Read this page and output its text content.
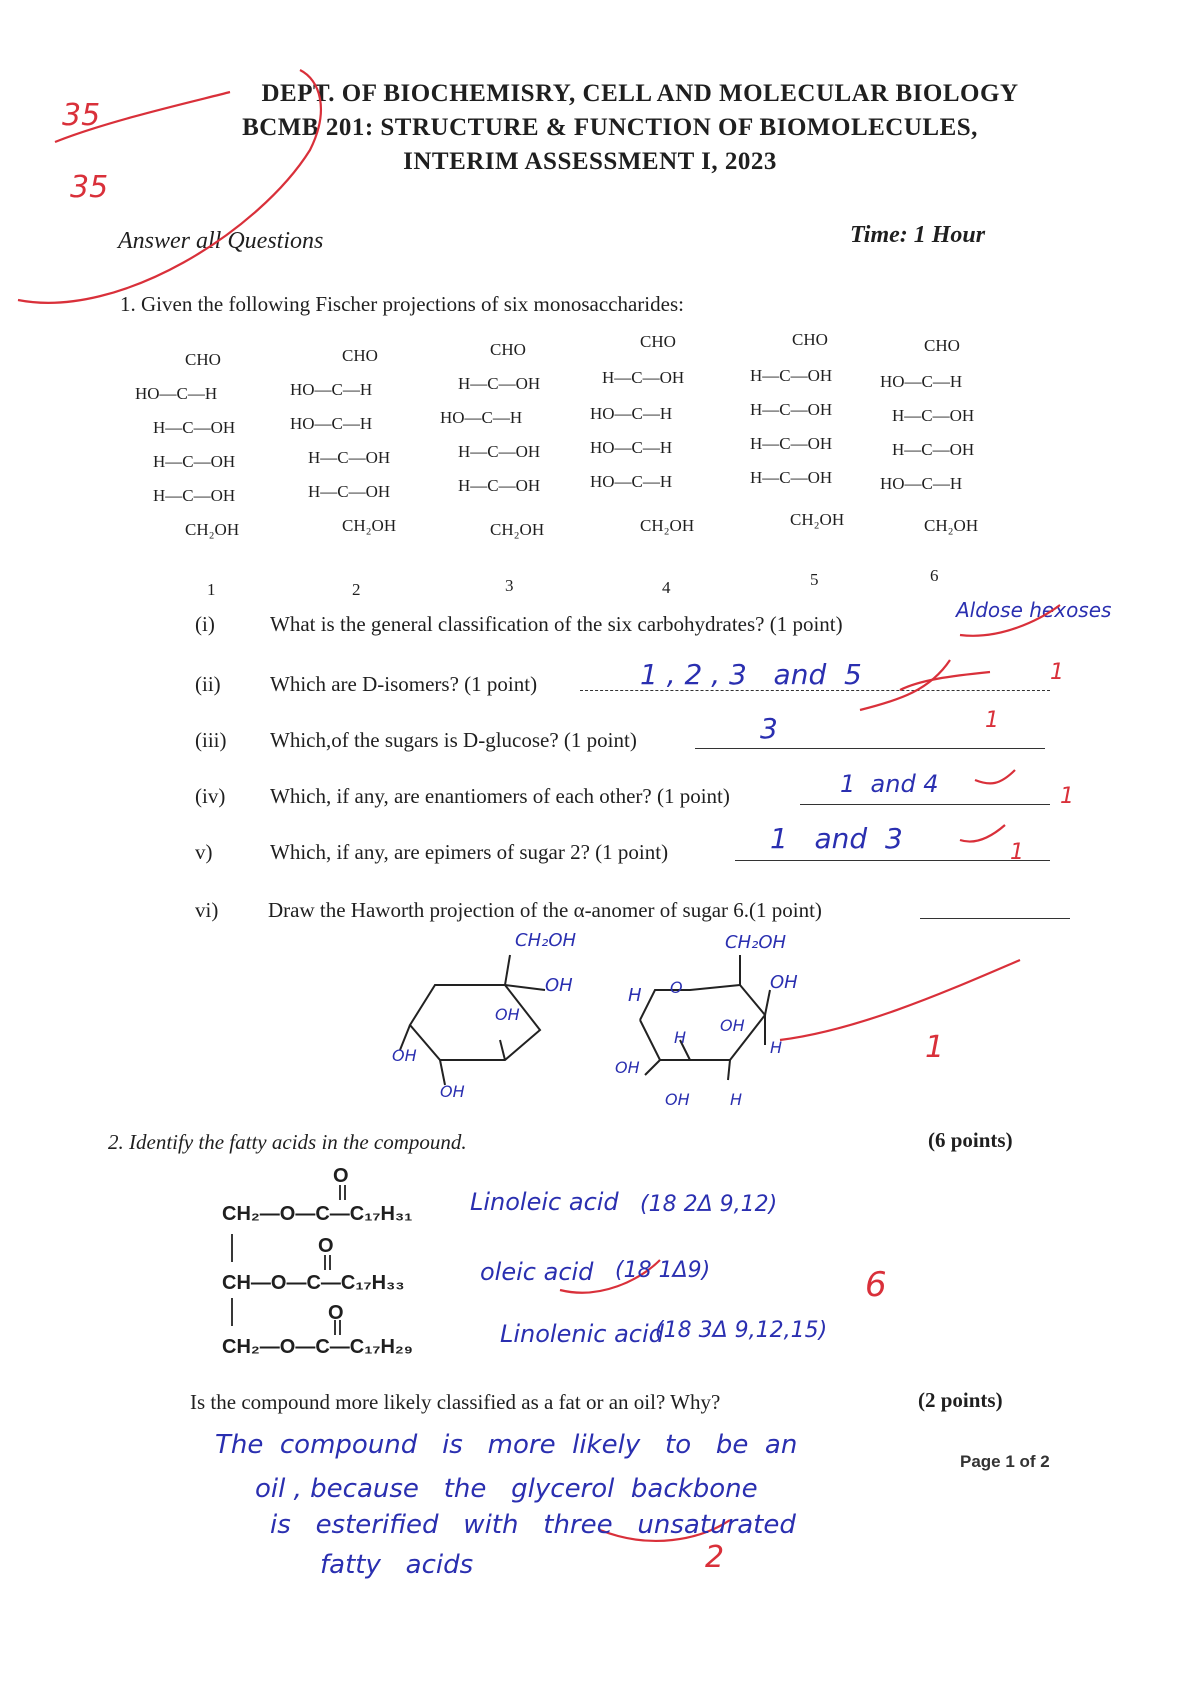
DEPT. OF BIOCHEMISRY, CELL AND MOLECULAR BIOLOGY
BCMB 201: STRUCTURE & FUNCTION OF BIOMOLECULES,
INTERIM ASSESSMENT I, 2023
35
35
Answer all Questions	Time: 1 Hour
1. Given the following Fischer projections of six monosaccharides:
CHO
HO—C—H
H—C—OH
H—C—OH
H—C—OH
CH₂OH
1
CHO
HO—C—H
HO—C—H
H—C—OH
H—C—OH
CH₂OH
2
CHO
H—C—OH
HO—C—H
H—C—OH
H—C—OH
CH₂OH
3
CHO
H—C—OH
HO—C—H
HO—C—H
HO—C—H
CH₂OH
4
CHO
H—C—OH
H—C—OH
H—C—OH
H—C—OH
CH₂OH
5
CHO
HO—C—H
H—C—OH
H—C—OH
HO—C—H
CH₂OH
6
(i)	What is the general classification of the six carbohydrates? (1 point)
Aldose hexoses
(ii) Which are D-isomers? (1 point)	1 , 2 , 3   and  5
(iii) Which,of the sugars is D-glucose? (1 point)	3
(iv) Which, if any, are enantiomers of each other? (1 point)	1  and 4
v)	Which, if any, are epimers of sugar 2? (1 point)	1   and  3
vi) Draw the Haworth projection of the α-anomer of sugar 6.(1 point)
1
1
1
1
1
CH₂OH
OH
OH
OH
OH
CH₂OH
OH
H O
H
OH
H
OH
OH	H
2. Identify the fatty acids in the compound.	(6 points)
O
CH₂—O—C—C₁₇H₃₁
O
CH—O—C—C₁₇H₃₃
O
CH₂—O—C—C₁₇H₂₉
Linoleic acid (18 2Δ 9,12)
oleic acid (18 1Δ9)
Linolenic acid
(18 3Δ 9,12,15)
6
Is the compound more likely classified as a fat or an oil? Why?	(2 points)
The  compound   is   more  likely   to   be  an
oil , because   the   glycerol  backbone
is   esterified   with   three   unsaturated
fatty   acids	2
Page 1 of 2
